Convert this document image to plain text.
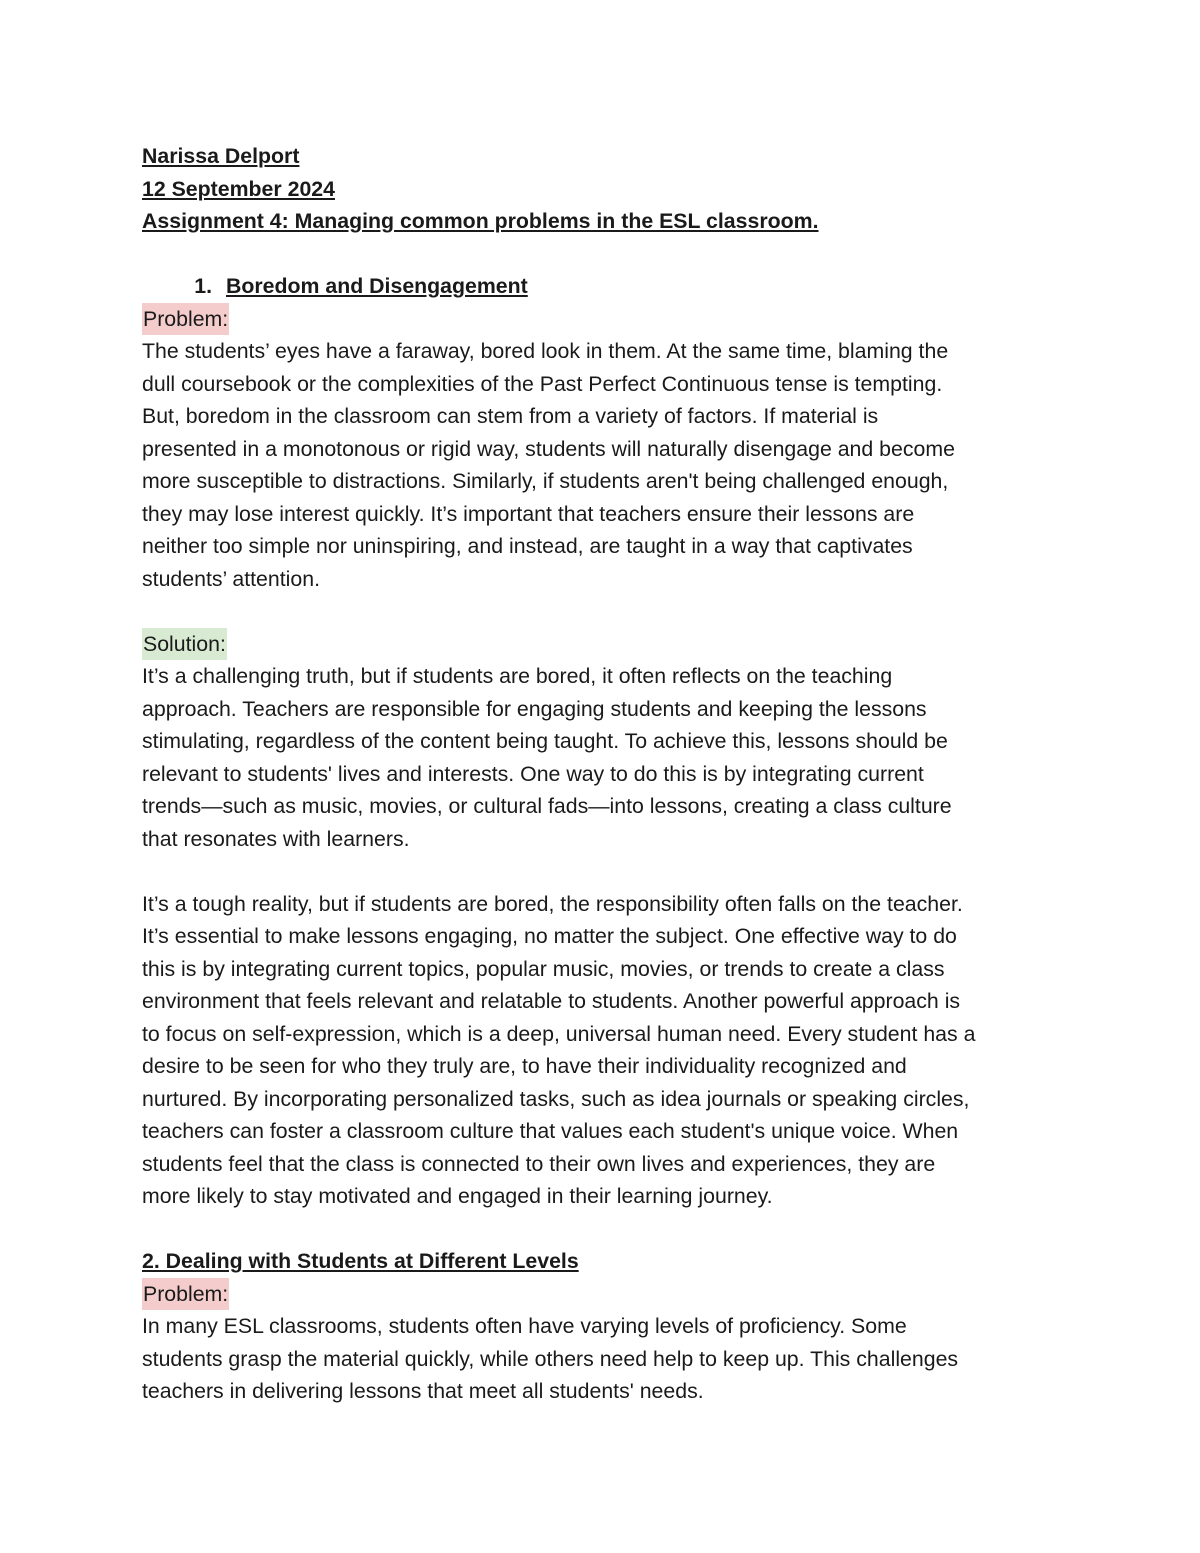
Narissa Delport
12 September 2024
Assignment 4: Managing common problems in the ESL classroom.
1. Boredom and Disengagement
Problem:
The students’ eyes have a faraway, bored look in them. At the same time, blaming the
dull coursebook or the complexities of the Past Perfect Continuous tense is tempting.
But, boredom in the classroom can stem from a variety of factors. If material is
presented in a monotonous or rigid way, students will naturally disengage and become
more susceptible to distractions. Similarly, if students aren't being challenged enough,
they may lose interest quickly. It’s important that teachers ensure their lessons are
neither too simple nor uninspiring, and instead, are taught in a way that captivates
students’ attention.
Solution:
It’s a challenging truth, but if students are bored, it often reflects on the teaching
approach. Teachers are responsible for engaging students and keeping the lessons
stimulating, regardless of the content being taught. To achieve this, lessons should be
relevant to students' lives and interests. One way to do this is by integrating current
trends—such as music, movies, or cultural fads—into lessons, creating a class culture
that resonates with learners.
It’s a tough reality, but if students are bored, the responsibility often falls on the teacher.
It’s essential to make lessons engaging, no matter the subject. One effective way to do
this is by integrating current topics, popular music, movies, or trends to create a class
environment that feels relevant and relatable to students. Another powerful approach is
to focus on self-expression, which is a deep, universal human need. Every student has a
desire to be seen for who they truly are, to have their individuality recognized and
nurtured. By incorporating personalized tasks, such as idea journals or speaking circles,
teachers can foster a classroom culture that values each student's unique voice. When
students feel that the class is connected to their own lives and experiences, they are
more likely to stay motivated and engaged in their learning journey.
2. Dealing with Students at Different Levels
Problem:
In many ESL classrooms, students often have varying levels of proficiency. Some
students grasp the material quickly, while others need help to keep up. This challenges
teachers in delivering lessons that meet all students' needs.
